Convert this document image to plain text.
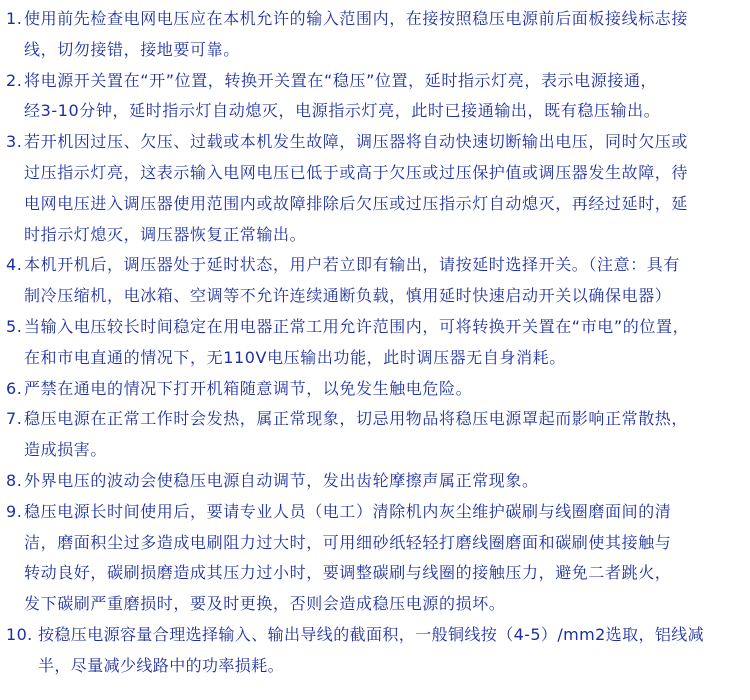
1. 使用前先检查电网电压应在本机允许的输入范围内，在接按照稳压电源前后面板接线标志接
线，切勿接错，接地要可靠。
2. 将电源开关置在“开”位置，转换开关置在“稳压”位置，延时指示灯亮，表示电源接通，
经3-10分钟，延时指示灯自动熄灭，电源指示灯亮，此时已接通输出，既有稳压输出。
3. 若开机因过压、欠压、过载或本机发生故障，调压器将自动快速切断输出电压，同时欠压或
过压指示灯亮，这表示输入电网电压已低于或高于欠压或过压保护值或调压器发生故障，待
电网电压进入调压器使用范围内或故障排除后欠压或过压指示灯自动熄灭，再经过延时，延
时指示灯熄灭，调压器恢复正常输出。
4. 本机开机后，调压器处于延时状态，用户若立即有输出，请按延时选择开关。（注意：具有
制冷压缩机，电冰箱、空调等不允许连续通断负载，慎用延时快速启动开关以确保电器）
5. 当输入电压较长时间稳定在用电器正常工用允许范围内，可将转换开关置在“市电”的位置，
在和市电直通的情况下，无110V电压输出功能，此时调压器无自身消耗。
6. 严禁在通电的情况下打开机箱随意调节，以免发生触电危险。
7. 稳压电源在正常工作时会发热，属正常现象，切忌用物品将稳压电源罩起而影响正常散热，
造成损害。
8. 外界电压的波动会使稳压电源自动调节，发出齿轮摩擦声属正常现象。
9. 稳压电源长时间使用后，要请专业人员（电工）清除机内灰尘维护碳刷与线圈磨面间的清
洁，磨面积尘过多造成电刷阻力过大时，可用细砂纸轻轻打磨线圈磨面和碳刷使其接触与
转动良好，碳刷损磨造成其压力过小时，要调整碳刷与线圈的接触压力，避免二者跳火，
发下碳刷严重磨损时，要及时更换，否则会造成稳压电源的损坏。
10. 按稳压电源容量合理选择输入、输出导线的截面积，一般铜线按（4-5）/mm2选取，铝线减
半，尽量减少线路中的功率损耗。
